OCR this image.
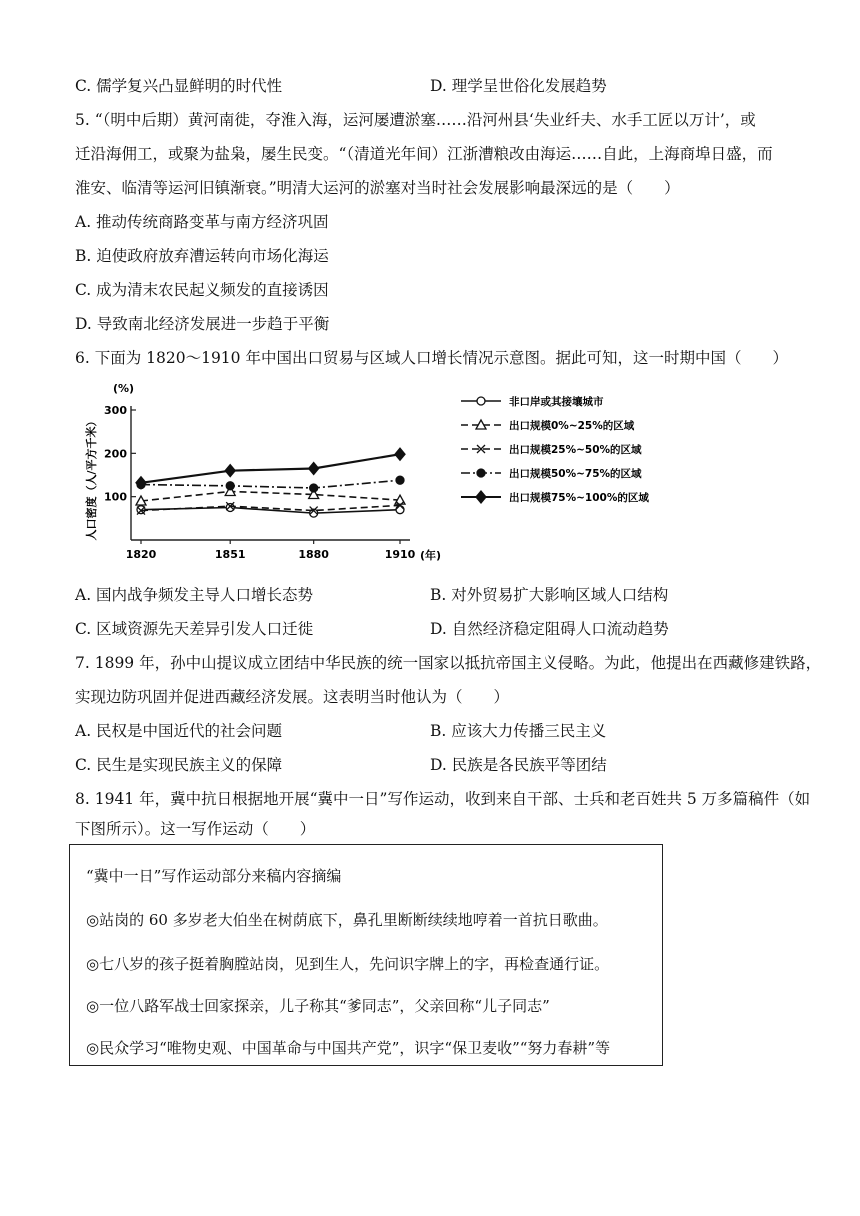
C. 儒学复兴凸显鲜明的时代性	D. 理学呈世俗化发展趋势
5. “（明中后期）黄河南徙，夺淮入海，运河屡遭淤塞……沿河州县‘失业纤夫、水手工匠以万计’，或
迁沿海佣工，或聚为盐枭，屡生民变。“（清道光年间）江浙漕粮改由海运……自此，上海商埠日盛，而
淮安、临清等运河旧镇渐衰。”明清大运河的淤塞对当时社会发展影响最深远的是（　　）
A. 推动传统商路变革与南方经济巩固
B. 迫使政府放弃漕运转向市场化海运
C. 成为清末农民起义频发的直接诱因
D. 导致南北经济发展进一步趋于平衡
6. 下面为 1820～1910 年中国出口贸易与区域人口增长情况示意图。据此可知，这一时期中国（　　）
(%)
人口密度（人/平方千米）
(年)
100
200
300
1820	1851	1880	1910
非口岸或其接壤城市
出口规模0%~25%的区域
出口规模25%~50%的区域
出口规模50%~75%的区域
出口规模75%~100%的区域
A. 国内战争频发主导人口增长态势	B. 对外贸易扩大影响区域人口结构
C. 区域资源先天差异引发人口迁徙	D. 自然经济稳定阻碍人口流动趋势
7. 1899 年，孙中山提议成立团结中华民族的统一国家以抵抗帝国主义侵略。为此，他提出在西藏修建铁路，
实现边防巩固并促进西藏经济发展。这表明当时他认为（　　）
A. 民权是中国近代的社会问题	B. 应该大力传播三民主义
C. 民生是实现民族主义的保障	D. 民族是各民族平等团结
8. 1941 年，冀中抗日根据地开展“冀中一日”写作运动，收到来自干部、士兵和老百姓共 5 万多篇稿件（如
下图所示）。这一写作运动（　　）
“冀中一日”写作运动部分来稿内容摘编
◎站岗的 60 多岁老大伯坐在树荫底下，鼻孔里断断续续地哼着一首抗日歌曲。
◎七八岁的孩子挺着胸膛站岗，见到生人，先问识字牌上的字，再检查通行证。
◎一位八路军战士回家探亲，儿子称其“爹同志”，父亲回称“儿子同志”
◎民众学习“唯物史观、中国革命与中国共产党”，识字“保卫麦收”“努力春耕”等
